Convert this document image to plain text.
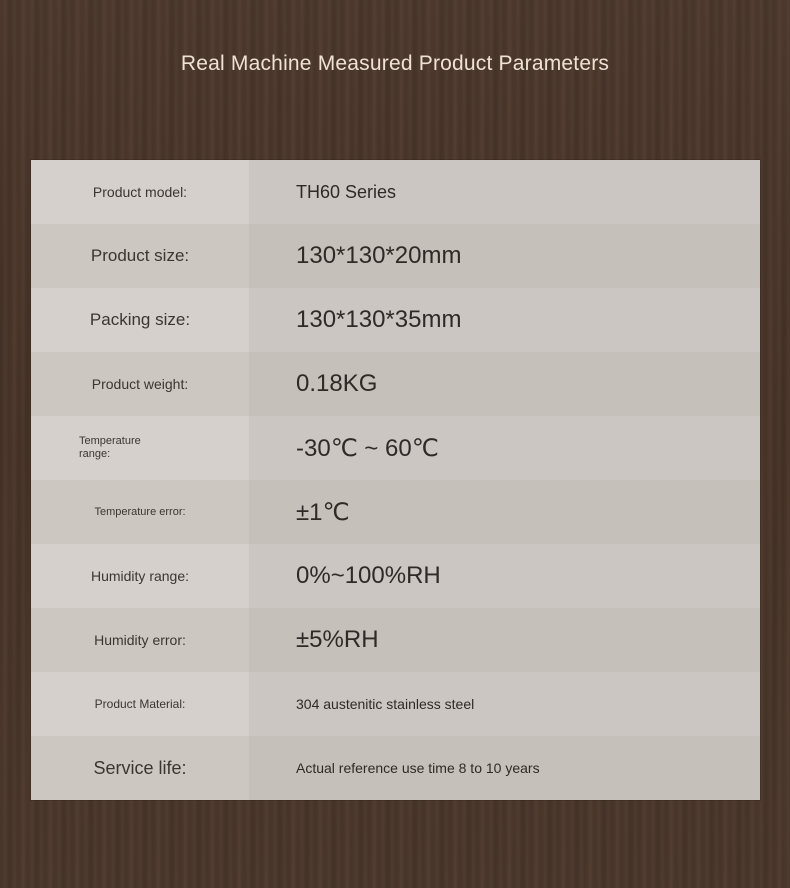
Real Machine Measured Product Parameters
Product model:	TH60 Series
Product size:	130*130*20mm
Packing size:	130*130*35mm
Product weight:	0.18KG
Temperature
range:	-30℃ ~ 60℃
Temperature error:	±1℃
Humidity range:	0%~100%RH
Humidity error:	±5%RH
Product Material:	304 austenitic stainless steel
Service life:	Actual reference use time 8 to 10 years
